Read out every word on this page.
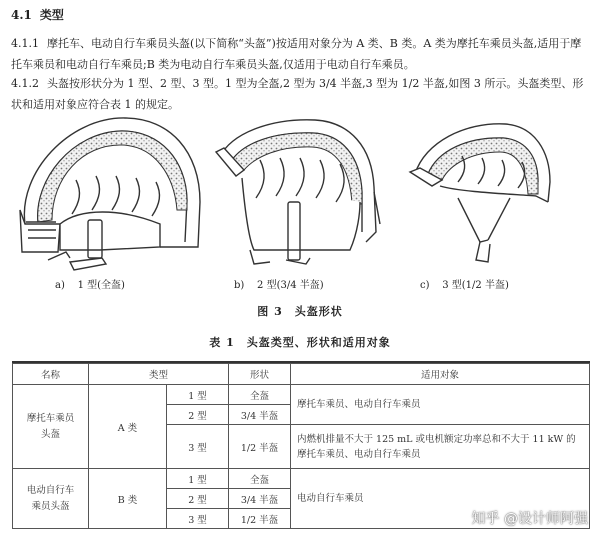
4.1 类型
4.1.1 摩托车、电动自行车乘员头盔(以下简称“头盔”)按适用对象分为 A 类、B 类。A 类为摩托车乘员头盔,适用于摩托车乘员和电动自行车乘员;B 类为电动自行车乘员头盔,仅适用于电动自行车乘员。
4.1.2 头盔按形状分为 1 型、2 型、3 型。1 型为全盔,2 型为 3/4 半盔,3 型为 1/2 半盔,如图 3 所示。头盔类型、形状和适用对象应符合表 1 的规定。
a) 1 型(全盔)	b) 2 型(3/4 半盔)	c) 3 型(1/2 半盔)
图 3　头盔形状
表 1　头盔类型、形状和适用对象
名称	类型		形状	适用对象
摩托车乘员头盔	A 类	1 型	全盔	摩托车乘员、电动自行车乘员
		2 型	3/4 半盔	
		3 型	1/2 半盔	内燃机排量不大于 125 mL 或电机额定功率总和不大于 11 kW 的摩托车乘员、电动自行车乘员

电动自行车乘员头盔	B 类	1 型	全盔	电动自行车乘员
		2 型	3/4 半盔	
		3 型	1/2 半盔		知乎 @设计师阿强
